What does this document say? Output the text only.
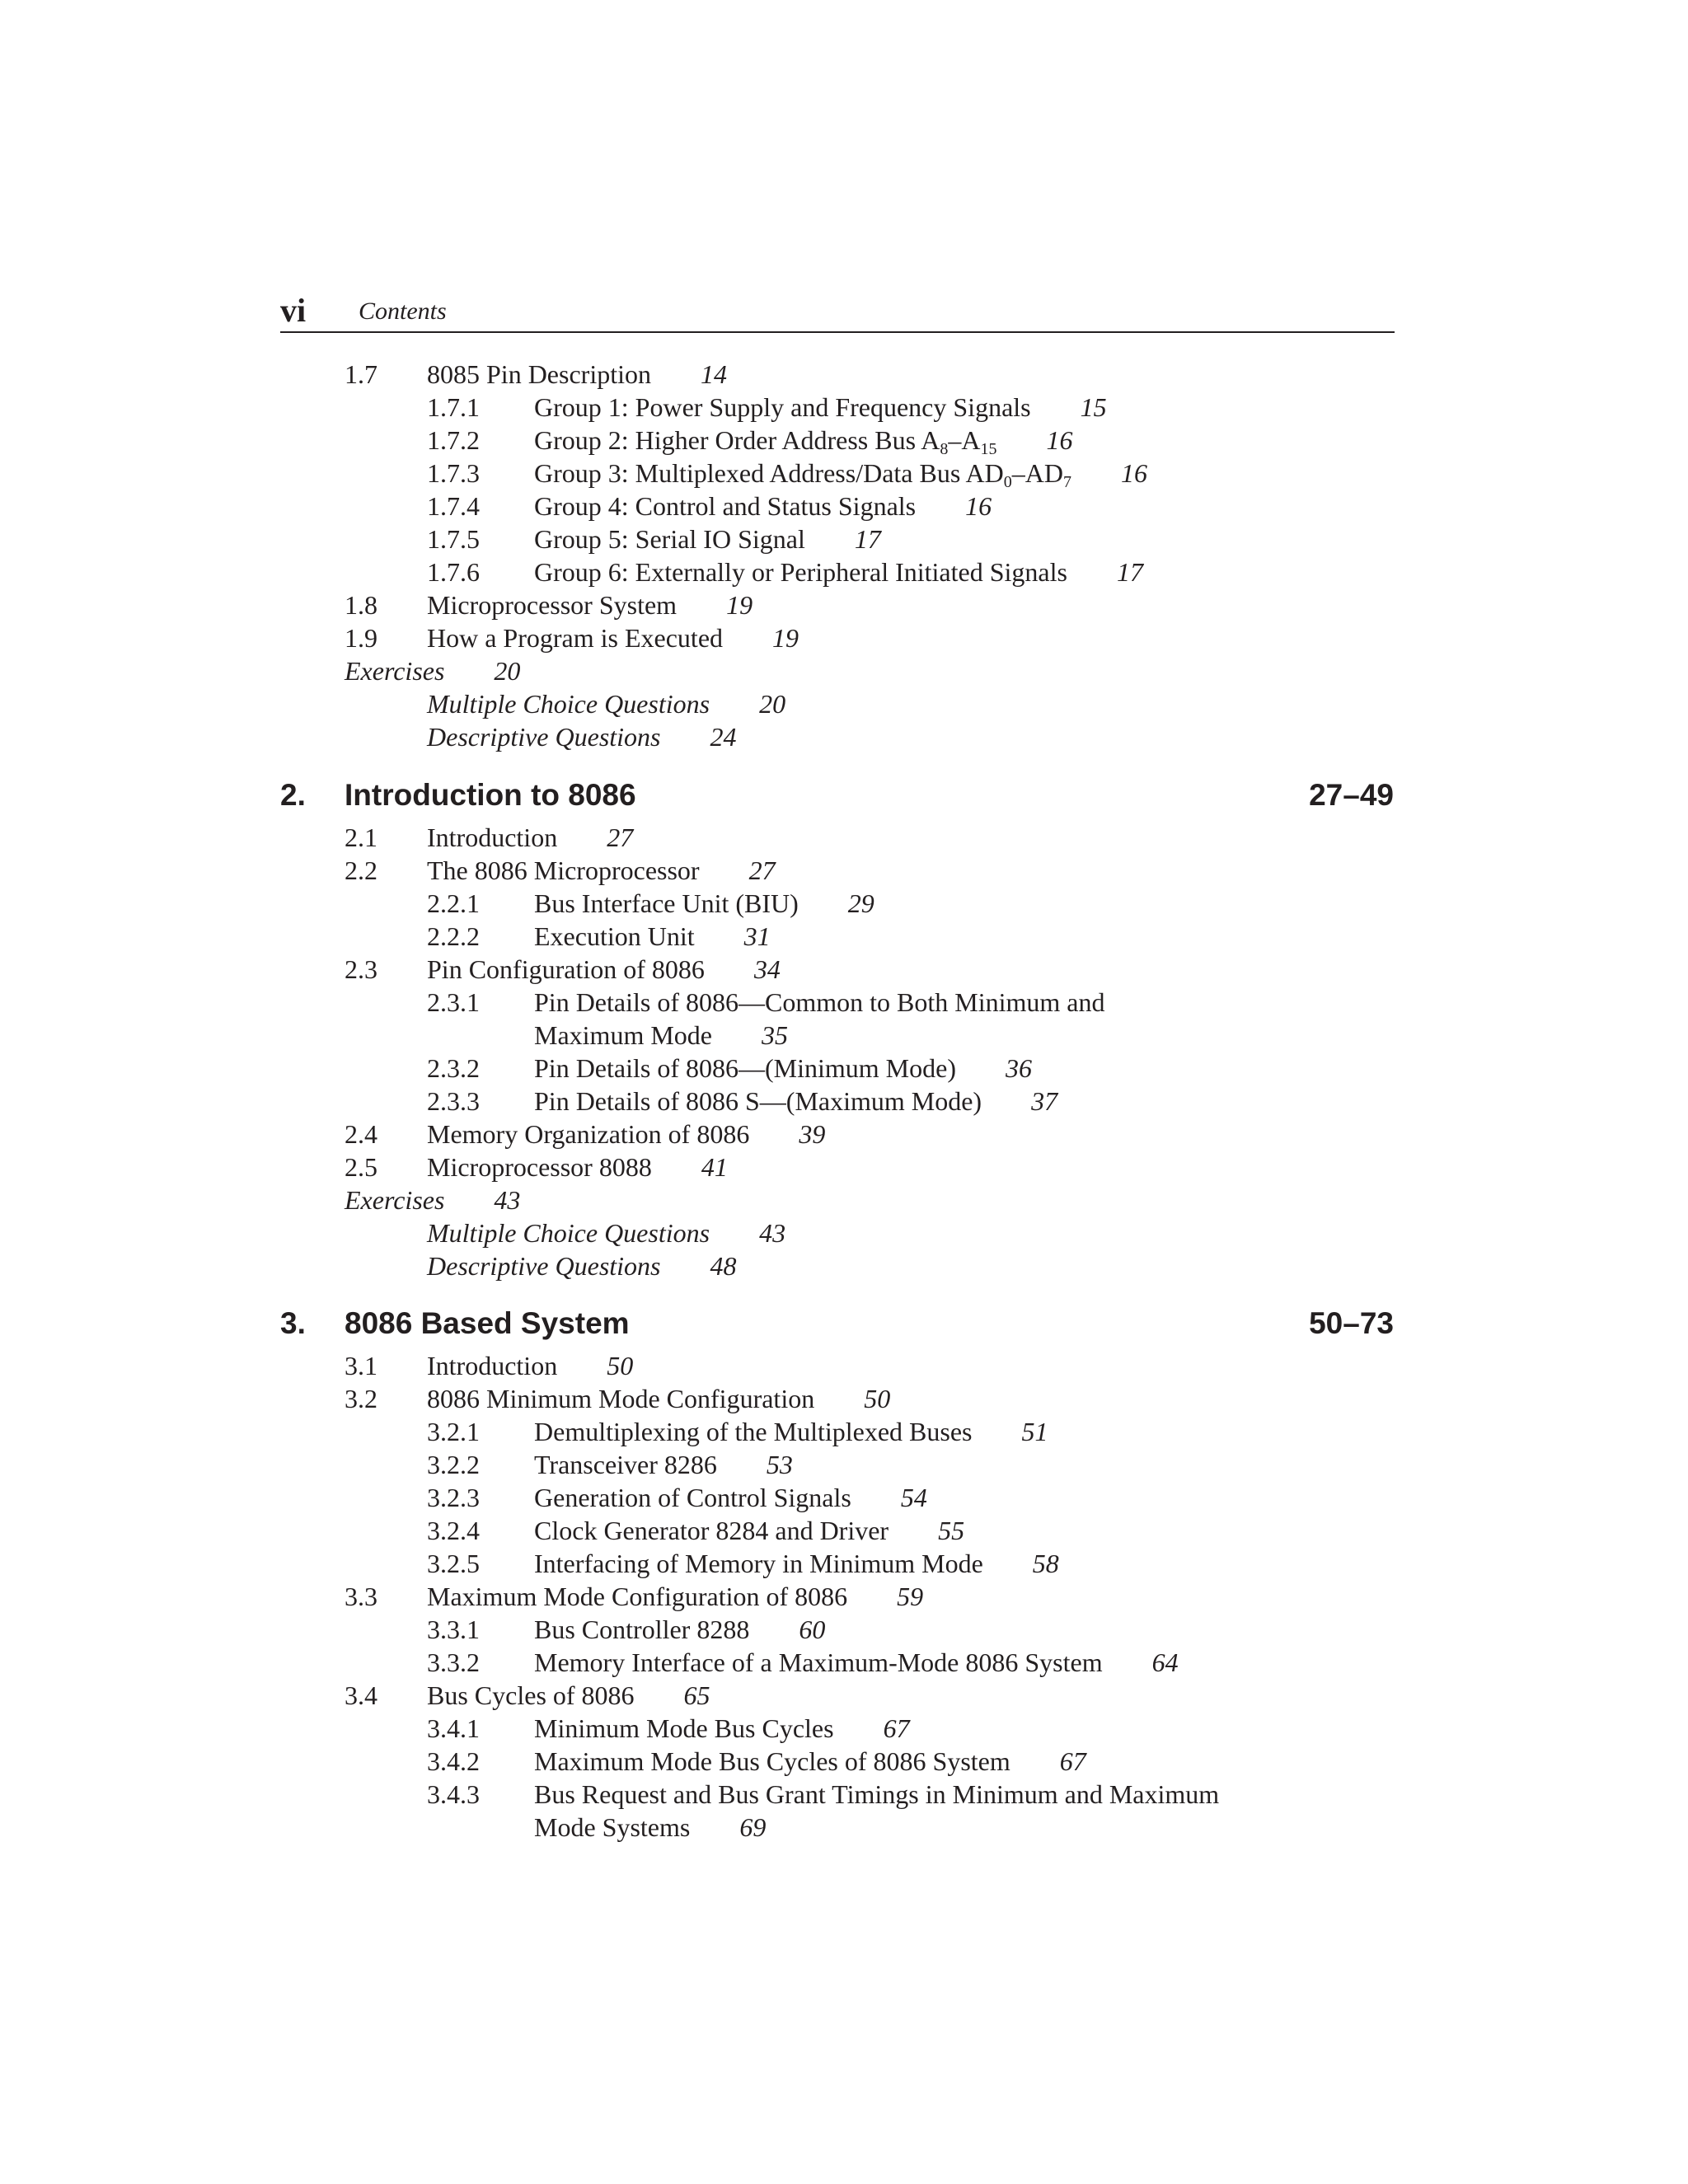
vi Contents
1.7 8085 Pin Description 14
1.7.1 Group 1: Power Supply and Frequency Signals 15
1.7.2 Group 2: Higher Order Address Bus A8–A15 16
1.7.3 Group 3: Multiplexed Address/Data Bus AD0–AD7 16
1.7.4 Group 4: Control and Status Signals 16
1.7.5 Group 5: Serial IO Signal 17
1.7.6 Group 6: Externally or Peripheral Initiated Signals 17
1.8 Microprocessor System 19
1.9 How a Program is Executed 19
Exercises 20
Multiple Choice Questions 20
Descriptive Questions 24
2. Introduction to 8086	27–49
2.1 Introduction 27
2.2 The 8086 Microprocessor 27
2.2.1 Bus Interface Unit (BIU) 29
2.2.2 Execution Unit 31
2.3 Pin Configuration of 8086 34
2.3.1 Pin Details of 8086—Common to Both Minimum and
Maximum Mode 35
2.3.2 Pin Details of 8086—(Minimum Mode) 36
2.3.3 Pin Details of 8086 S—(Maximum Mode) 37
2.4 Memory Organization of 8086 39
2.5 Microprocessor 8088 41
Exercises 43
Multiple Choice Questions 43
Descriptive Questions 48
3. 8086 Based System	50–73
3.1 Introduction 50
3.2 8086 Minimum Mode Configuration 50
3.2.1 Demultiplexing of the Multiplexed Buses 51
3.2.2 Transceiver 8286 53
3.2.3 Generation of Control Signals 54
3.2.4 Clock Generator 8284 and Driver 55
3.2.5 Interfacing of Memory in Minimum Mode 58
3.3 Maximum Mode Configuration of 8086 59
3.3.1 Bus Controller 8288 60
3.3.2 Memory Interface of a Maximum-Mode 8086 System 64
3.4 Bus Cycles of 8086 65
3.4.1 Minimum Mode Bus Cycles 67
3.4.2 Maximum Mode Bus Cycles of 8086 System 67
3.4.3 Bus Request and Bus Grant Timings in Minimum and Maximum
Mode Systems 69
